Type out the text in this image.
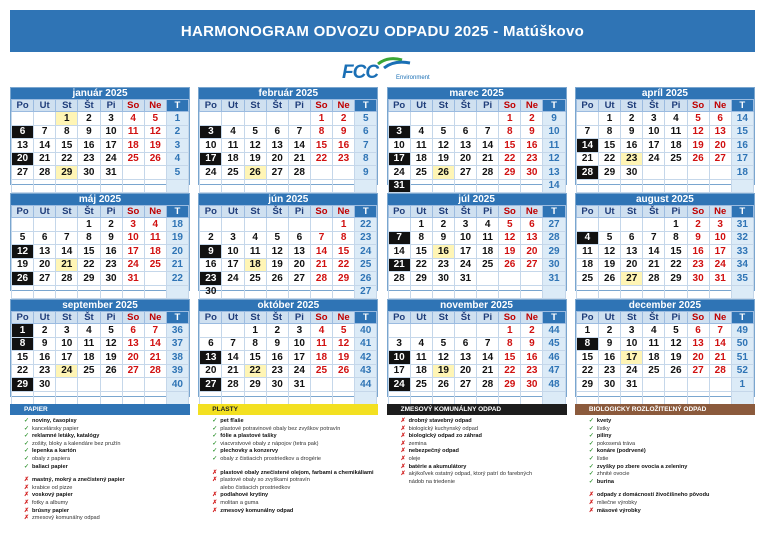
HARMONOGRAM ODVOZU ODPADU 2025 - Matúškovo
FCC	Environment
január 2025
Po	Ut	St	Št	Pi	So	Ne	T
		1	2	3	4	5	1
6	7	8	9	10	11	12	2
13	14	15	16	17	18	19	3
20	21	22	23	24	25	26	4
27	28	29	30	31			5

február 2025
Po	Ut	St	Št	Pi	So	Ne	T
					1	2	5
3	4	5	6	7	8	9	6
10	11	12	13	14	15	16	7
17	18	19	20	21	22	23	8
24	25	26	27	28			9

marec 2025
Po	Ut	St	Št	Pi	So	Ne	T
					1	2	9
3	4	5	6	7	8	9	10
10	11	12	13	14	15	16	11
17	18	19	20	21	22	23	12
24	25	26	27	28	29	30	13
31							14
apríl 2025
Po	Ut	St	Št	Pi	So	Ne	T
	1	2	3	4	5	6	14
7	8	9	10	11	12	13	15
14	15	16	17	18	19	20	16
21	22	23	24	25	26	27	17
28	29	30					18

máj 2025
Po	Ut	St	Št	Pi	So	Ne	T
			1	2	3	4	18
5	6	7	8	9	10	11	19
12	13	14	15	16	17	18	20
19	20	21	22	23	24	25	21
26	27	28	29	30	31		22

jún 2025
Po	Ut	St	Št	Pi	So	Ne	T
						1	22
2	3	4	5	6	7	8	23
9	10	11	12	13	14	15	24
16	17	18	19	20	21	22	25
23	24	25	26	27	28	29	26
30							27
júl 2025
Po	Ut	St	Št	Pi	So	Ne	T
	1	2	3	4	5	6	27
7	8	9	10	11	12	13	28
14	15	16	17	18	19	20	29
21	22	23	24	25	26	27	30
28	29	30	31				31

august 2025
Po	Ut	St	Št	Pi	So	Ne	T
				1	2	3	31
4	5	6	7	8	9	10	32
11	12	13	14	15	16	17	33
18	19	20	21	22	23	24	34
25	26	27	28	29	30	31	35

september 2025
Po	Ut	St	Št	Pi	So	Ne	T
1	2	3	4	5	6	7	36
8	9	10	11	12	13	14	37
15	16	17	18	19	20	21	38
22	23	24	25	26	27	28	39
29	30						40

október 2025
Po	Ut	St	Št	Pi	So	Ne	T
		1	2	3	4	5	40
6	7	8	9	10	11	12	41
13	14	15	16	17	18	19	42
20	21	22	23	24	25	26	43
27	28	29	30	31			44

november 2025
Po	Ut	St	Št	Pi	So	Ne	T
					1	2	44
3	4	5	6	7	8	9	45
10	11	12	13	14	15	16	46
17	18	19	20	21	22	23	47
24	25	26	27	28	29	30	48

december 2025
Po	Ut	St	Št	Pi	So	Ne	T
1	2	3	4	5	6	7	49
8	9	10	11	12	13	14	50
15	16	17	18	19	20	21	51
22	23	24	25	26	27	28	52
29	30	31					1

PAPIER
✓ noviny, časopisy
✓ kancelársky papier
✓ reklamné letáky, katalógy
✓ zošity, bloky a kalendáre bez pružín
✓ lepenka a kartón
✓ obaly z papiera
✓ baliaci papier
✗ mastný, mokrý a znečistený papier
✗ krabice od pizze
✗ voskový papier
✗ fotky a albumy
✗ brúsny papier
✗ zmesový komunálny odpad
PLASTY
✓ pet fľaše
✓ plastové potravinové obaly bez zvyškov potravín
✓ fólie a plastové tašky
✓ viacvrstvové obaly z nápojov (tetra pak)
✓ plechovky a konzervy
✓ obaly z čistiacich prostriedkov a drogérie
✗ plastové obaly znečistené olejom, farbami a chemikáliami
✗ plastové obaly so zvyškami potravín
alebo čistiacich prostriedkov
✗ podlahové krytiny
✗ molitan a guma
✗ zmesový komunálny odpad
ZMESOVÝ KOMUNÁLNY ODPAD
✗ drobný stavebný odpad
✗ biologický kuchynský odpad
✗ biologický odpad zo záhrad
✗ zemina
✗ nebezpečný odpad
✗ oleje
✗ batérie a akumulátory
✗ akýkoľvek ostatný odpad, ktorý patrí do farebných
nádob na triedenie
BIOLOGICKY ROZLOŽITEĽNÝ ODPAD
✓ kvety
✓ lístky
✓ piliny
✓ pokosená tráva
✓ konáre (podrvené)
✓ lístie
✓ zvyšky po zbere ovocia a zeleniny
✓ zhnité ovocie
✓ burina
✗ odpady z domácností živočíšneho pôvodu
✗ mliečne výrobky
✗ mäsové výrobky
